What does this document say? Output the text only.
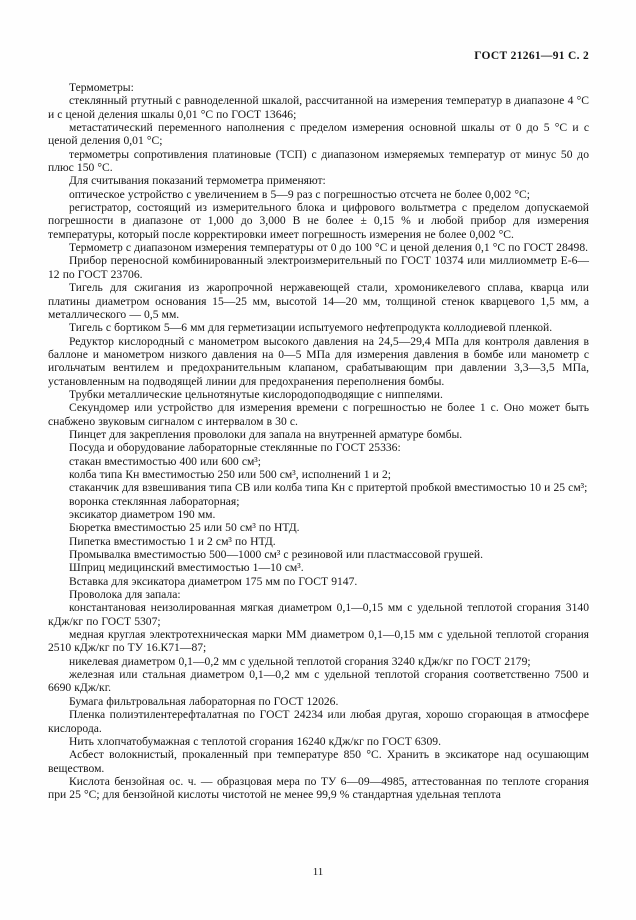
ГОСТ 21261—91 С. 2

Термометры:

стеклянный ртутный с равноделенной шкалой, рассчитанной на измерения температур в диапазоне 4 °С и с ценой деления шкалы 0,01 °С по ГОСТ 13646;

метастатический переменного наполнения с пределом измерения основной шкалы от 0 до 5 °С и с ценой деления 0,01 °С;

термометры сопротивления платиновые (ТСП) с диапазоном измеряемых температур от минус 50 до плюс 150 °С.

Для считывания показаний термометра применяют:

оптическое устройство с увеличением в 5—9 раз с погрешностью отсчета не более 0,002 °С;

регистратор, состоящий из измерительного блока и цифрового вольтметра с пределом допускаемой погрешности в диапазоне от 1,000 до 3,000 В не более ± 0,15 % и любой прибор для измерения температуры, который после корректировки имеет погрешность измерения не более 0,002 °С.

Термометр с диапазоном измерения температуры от 0 до 100 °С и ценой деления 0,1 °С по ГОСТ 28498.

Прибор переносной комбинированный электроизмерительный по ГОСТ 10374 или миллиомметр Е-6—12 по ГОСТ 23706.

Тигель для сжигания из жаропрочной нержавеющей стали, хромоникелевого сплава, кварца или платины диаметром основания 15—25 мм, высотой 14—20 мм, толщиной стенок кварцевого 1,5 мм, а металлического — 0,5 мм.

Тигель с бортиком 5—6 мм для герметизации испытуемого нефтепродукта коллодиевой пленкой.

Редуктор кислородный с манометром высокого давления на 24,5—29,4 МПа для контроля давления в баллоне и манометром низкого давления на 0—5 МПа для измерения давления в бомбе или манометр с игольчатым вентилем и предохранительным клапаном, срабатывающим при давлении 3,3—3,5 МПа, установленным на подводящей линии для предохранения переполнения бомбы.

Трубки металлические цельнотянутые кислородоподводящие с ниппелями.

Секундомер или устройство для измерения времени с погрешностью не более 1 с. Оно может быть снабжено звуковым сигналом с интервалом в 30 с.

Пинцет для закрепления проволоки для запала на внутренней арматуре бомбы.

Посуда и оборудование лабораторные стеклянные по ГОСТ 25336:

стакан вместимостью 400 или 600 см³;

колба типа Кн вместимостью 250 или 500 см³, исполнений 1 и 2;

стаканчик для взвешивания типа СВ или колба типа Кн с притертой пробкой вместимостью 10 и 25 см³;

воронка стеклянная лабораторная;

эксикатор диаметром 190 мм.

Бюретка вместимостью 25 или 50 см³ по НТД.

Пипетка вместимостью 1 и 2 см³ по НТД.

Промывалка вместимостью 500—1000 см³ с резиновой или пластмассовой грушей.

Шприц медицинский вместимостью 1—10 см³.

Вставка для эксикатора диаметром 175 мм по ГОСТ 9147.

Проволока для запала:

константановая неизолированная мягкая диаметром 0,1—0,15 мм с удельной теплотой сгорания 3140 кДж/кг по ГОСТ 5307;

медная круглая электротехническая марки ММ диаметром 0,1—0,15 мм с удельной теплотой сгорания 2510 кДж/кг по ТУ 16.К71—87;

никелевая диаметром 0,1—0,2 мм с удельной теплотой сгорания 3240 кДж/кг по ГОСТ 2179;

железная или стальная диаметром 0,1—0,2 мм с удельной теплотой сгорания соответственно 7500 и 6690 кДж/кг.

Бумага фильтровальная лабораторная по ГОСТ 12026.

Пленка полиэтилентерефталатная по ГОСТ 24234 или любая другая, хорошо сгорающая в атмосфере кислорода.

Нить хлопчатобумажная с теплотой сгорания 16240 кДж/кг по ГОСТ 6309.

Асбест волокнистый, прокаленный при температуре 850 °С. Хранить в эксикаторе над осушающим веществом.

Кислота бензойная ос. ч. — образцовая мера по ТУ 6—09—4985, аттестованная по теплоте сгорания при 25 °С; для бензойной кислоты чистотой не менее 99,9 % стандартная удельная теплота

11
